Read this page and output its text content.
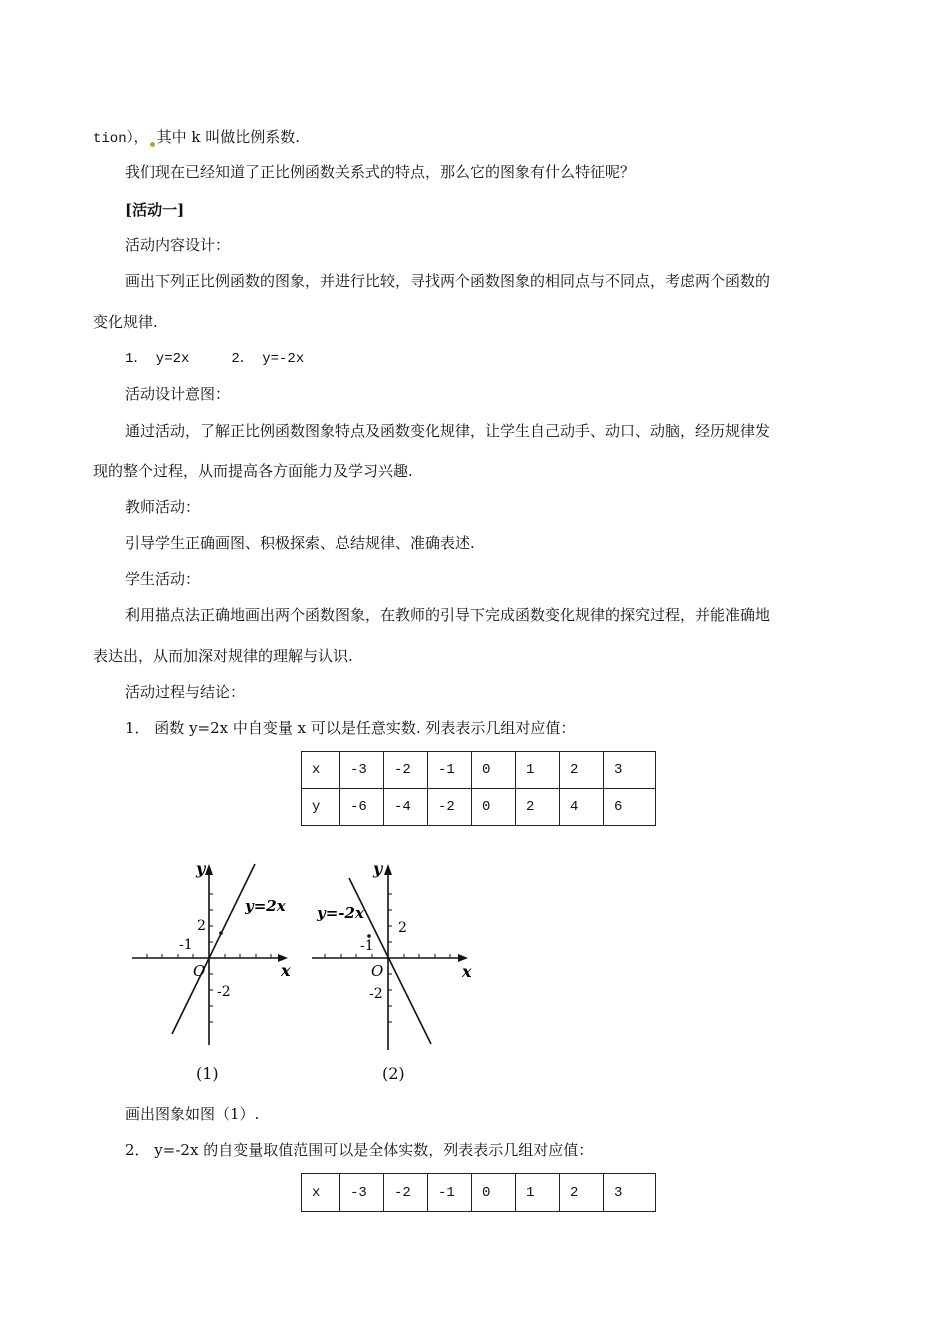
tion）， 其中 k 叫做比例系数.
我们现在已经知道了正比例函数关系式的特点，那么它的图象有什么特征呢？
[活动一]
活动内容设计：
画出下列正比例函数的图象，并进行比较，寻找两个函数图象的相同点与不同点，考虑两个函数的
变化规律.
1． y=2x     2． y=-2x
活动设计意图：
通过活动，了解正比例函数图象特点及函数变化规律，让学生自己动手、动口、动脑，经历规律发
现的整个过程，从而提高各方面能力及学习兴趣.
教师活动：
引导学生正确画图、积极探索、总结规律、准确表述.
学生活动：
利用描点法正确地画出两个函数图象，在教师的引导下完成函数变化规律的探究过程，并能准确地
表达出，从而加深对规律的理解与认识.
活动过程与结论：
1． 函数 y=2x 中自变量 x 可以是任意实数. 列表表示几组对应值：
x	-3	-2	-1	0	1	2	3
y	-6	-4	-2	0	2	4	6
y
x
O
2
-1
-2
y=2x
(1)
y
x
O
2
-1
-2
y=-2x
(2)
画出图象如图（1）.
2． y=-2x 的自变量取值范围可以是全体实数，列表表示几组对应值：
x	-3	-2	-1	0	1	2	3
